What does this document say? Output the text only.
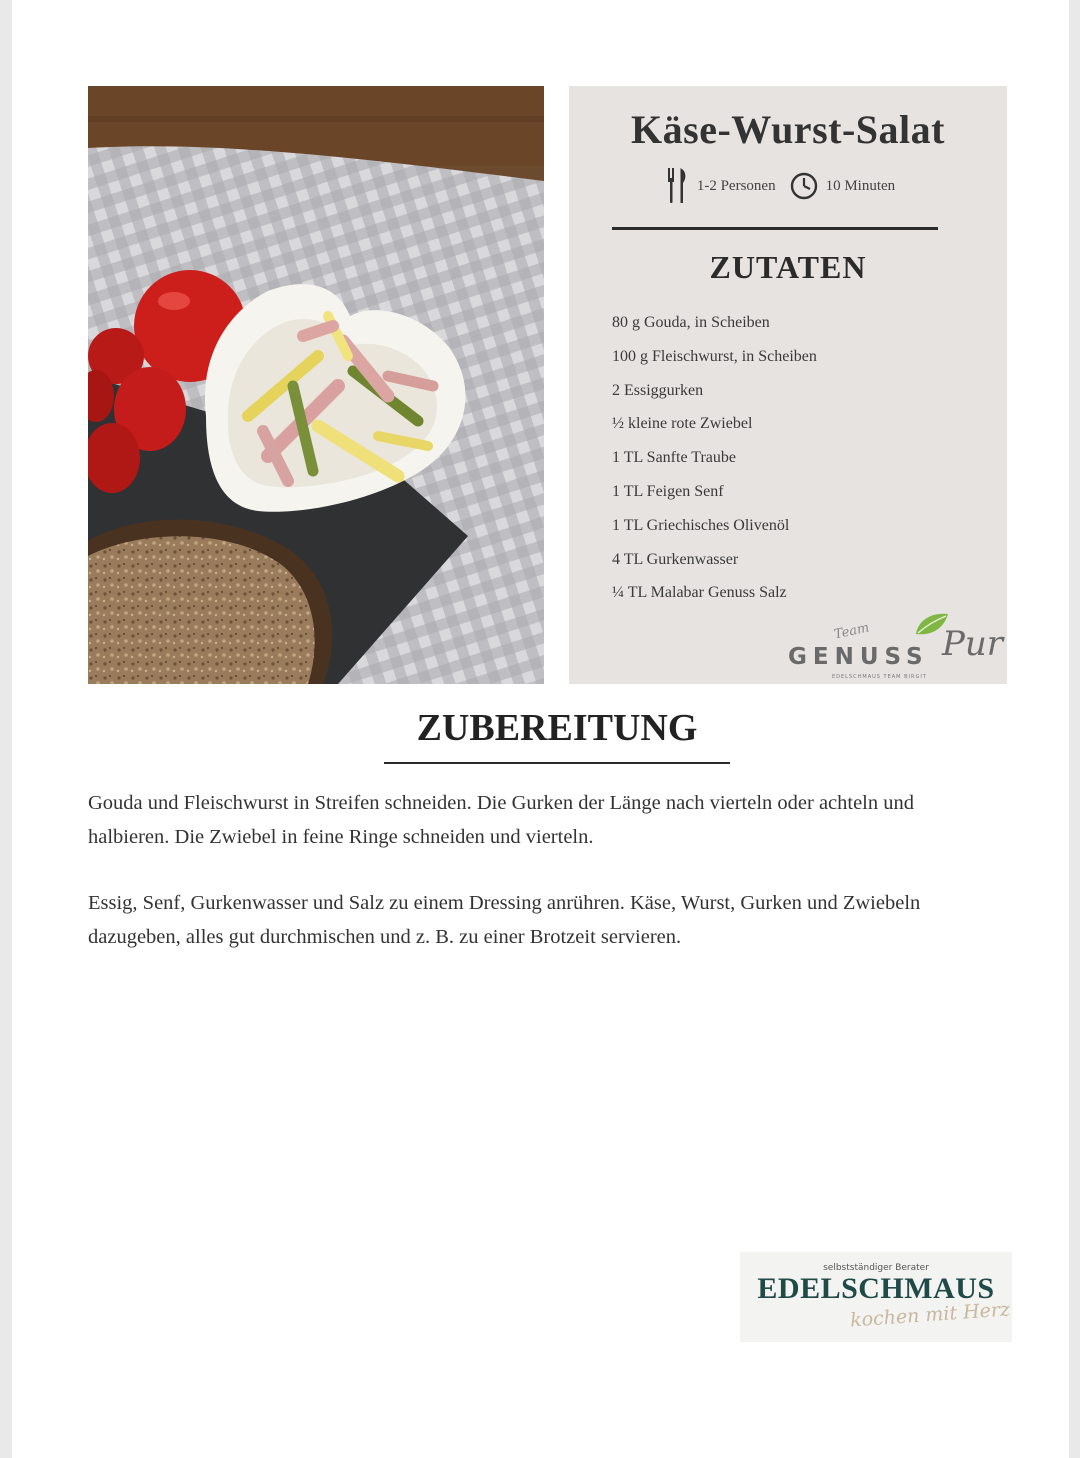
Käse-Wurst-Salat
1-2 Personen	10 Minuten
ZUTATEN
80 g Gouda, in Scheiben
100 g Fleischwurst, in Scheiben
2 Essiggurken
½ kleine rote Zwiebel
1 TL Sanfte Traube
1 TL Feigen Senf
1 TL Griechisches Olivenöl
4 TL Gurkenwasser
¼ TL Malabar Genuss Salz
Team
GENUSS Pur
EDELSCHMAUS TEAM BIRGIT
ZUBEREITUNG

Gouda und Fleischwurst in Streifen schneiden. Die Gurken der Länge nach vierteln oder achteln und halbieren. Die Zwiebel in feine Ringe schneiden und vierteln.

Essig, Senf, Gurkenwasser und Salz zu einem Dressing anrühren. Käse, Wurst, Gurken und Zwiebeln dazugeben, alles gut durchmischen und z. B. zu einer Brotzeit servieren.

selbstständiger Berater
EDELSCHMAUS
kochen mit Herz
